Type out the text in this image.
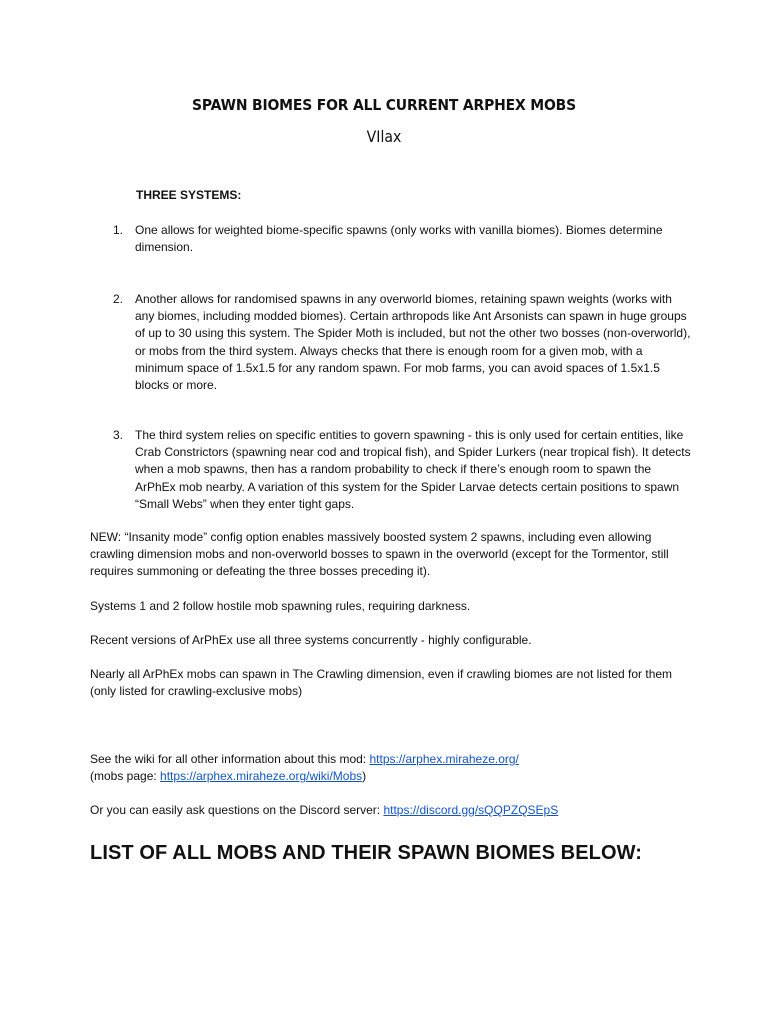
SPAWN BIOMES FOR ALL CURRENT ARPHEX MOBS
VIlax
THREE SYSTEMS:
1. One allows for weighted biome-specific spawns (only works with vanilla biomes). Biomes determine dimension.

2. Another allows for randomised spawns in any overworld biomes, retaining spawn weights (works with any biomes, including modded biomes). Certain arthropods like Ant Arsonists can spawn in huge groups of up to 30 using this system. The Spider Moth is included, but not the other two bosses (non-overworld), or mobs from the third system. Always checks that there is enough room for a given mob, with a minimum space of 1.5x1.5 for any random spawn. For mob farms, you can avoid spaces of 1.5x1.5 blocks or more.

3. The third system relies on specific entities to govern spawning - this is only used for certain entities, like Crab Constrictors (spawning near cod and tropical fish), and Spider Lurkers (near tropical fish). It detects when a mob spawns, then has a random probability to check if there’s enough room to spawn the ArPhEx mob nearby. A variation of this system for the Spider Larvae detects certain positions to spawn “Small Webs” when they enter tight gaps.

NEW: “Insanity mode” config option enables massively boosted system 2 spawns, including even allowing crawling dimension mobs and non-overworld bosses to spawn in the overworld (except for the Tormentor, still requires summoning or defeating the three bosses preceding it).

Systems 1 and 2 follow hostile mob spawning rules, requiring darkness.

Recent versions of ArPhEx use all three systems concurrently - highly configurable.

Nearly all ArPhEx mobs can spawn in The Crawling dimension, even if crawling biomes are not listed for them (only listed for crawling-exclusive mobs)

See the wiki for all other information about this mod: https://arphex.miraheze.org/
(mobs page: https://arphex.miraheze.org/wiki/Mobs)

Or you can easily ask questions on the Discord server: https://discord.gg/sQQPZQSEpS

LIST OF ALL MOBS AND THEIR SPAWN BIOMES BELOW:
